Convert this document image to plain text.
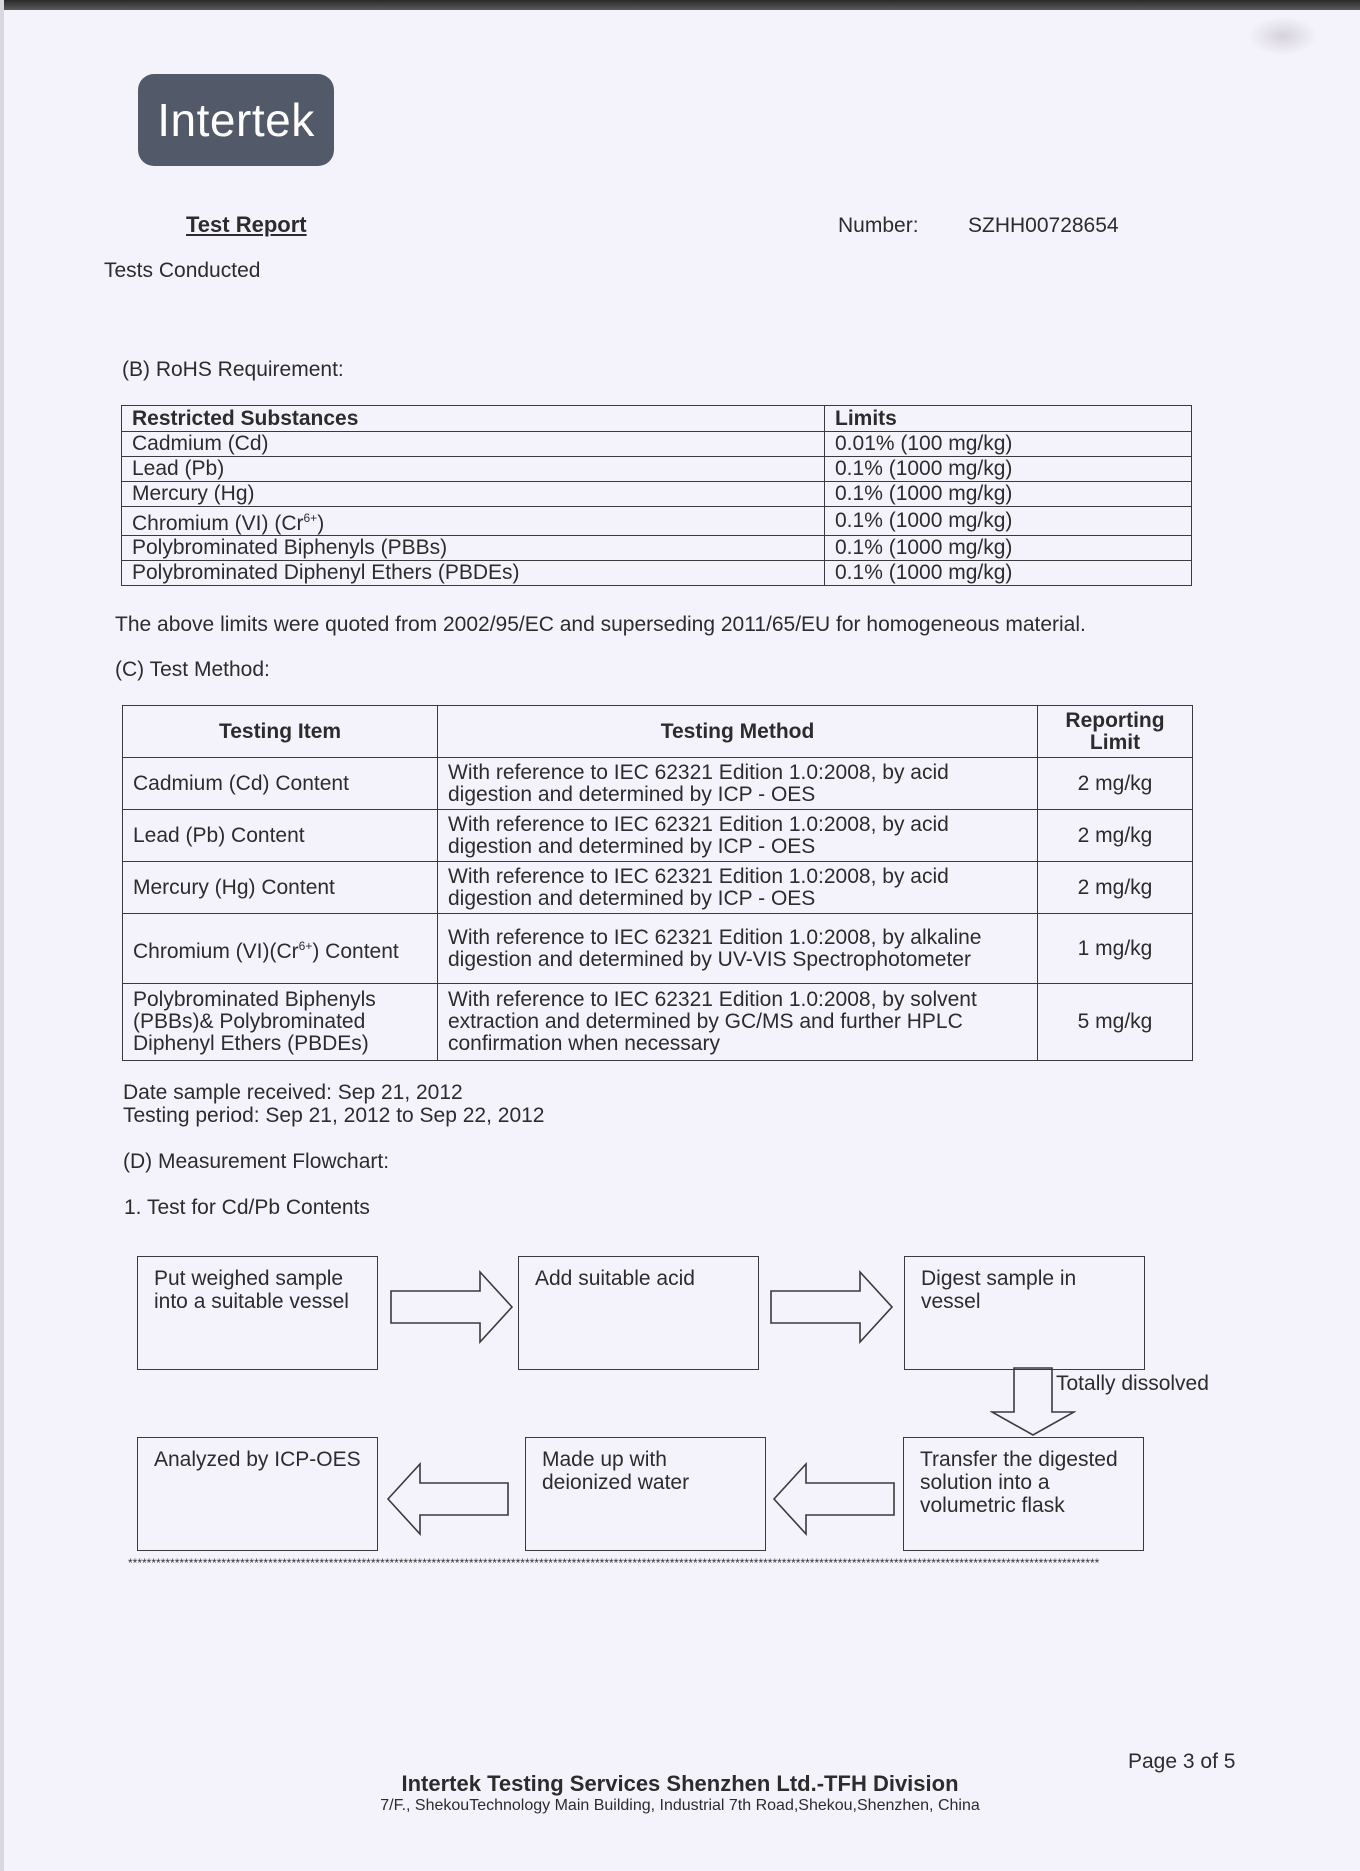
Intertek
Test Report	Number: SZHH00728654
Tests Conducted
(B) RoHS Requirement:
Restricted Substances	Limits
Cadmium (Cd)	0.01% (100 mg/kg)
Lead (Pb)	0.1% (1000 mg/kg)
Mercury (Hg)	0.1% (1000 mg/kg)
Chromium (VI) $(Cr^{6+})$	0.1% (1000 mg/kg)
Polybrominated Biphenyls (PBBs)	0.1% (1000 mg/kg)
Polybrominated Diphenyl Ethers (PBDEs)	0.1% (1000 mg/kg)
The above limits were quoted from 2002/95/EC and superseding 2011/65/EU for homogeneous material.
(C) Test Method:
Testing Item	Testing Method	Reporting Limit
Cadmium (Cd) Content	With reference to IEC 62321 Edition 1.0:2008, by acid digestion and determined by ICP - OES	2 mg/kg
Lead (Pb) Content	With reference to IEC 62321 Edition 1.0:2008, by acid digestion and determined by ICP - OES	2 mg/kg
Mercury (Hg) Content	With reference to IEC 62321 Edition 1.0:2008, by acid digestion and determined by ICP - OES	2 mg/kg
Chromium $(VI)(Cr^{6+})$ Content	With reference to IEC 62321 Edition 1.0:2008, by alkaline digestion and determined by UV-VIS Spectrophotometer	1 mg/kg
Polybrominated Biphenyls (PBBs)& Polybrominated Diphenyl Ethers (PBDEs)	With reference to IEC 62321 Edition 1.0:2008, by solvent extraction and determined by GC/MS and further HPLC confirmation when necessary	5 mg/kg
Date sample received: Sep 21, 2012
Testing period: Sep 21, 2012 to Sep 22, 2012
(D) Measurement Flowchart:
1. Test for Cd/Pb Contents
Put weighed sample into a suitable vessel
Add suitable acid	Digest sample in vessel
Transfer the digested solution into a volumetric flask
Made up with deionized water
Analyzed by ICP-OES
Totally dissolved
****************************************************************************************************************************************************************************************************************
Page 3 of 5
Intertek Testing Services Shenzhen Ltd.-TFH Division
7/F., ShekouTechnology Main Building, Industrial 7th Road,Shekou,Shenzhen, China
